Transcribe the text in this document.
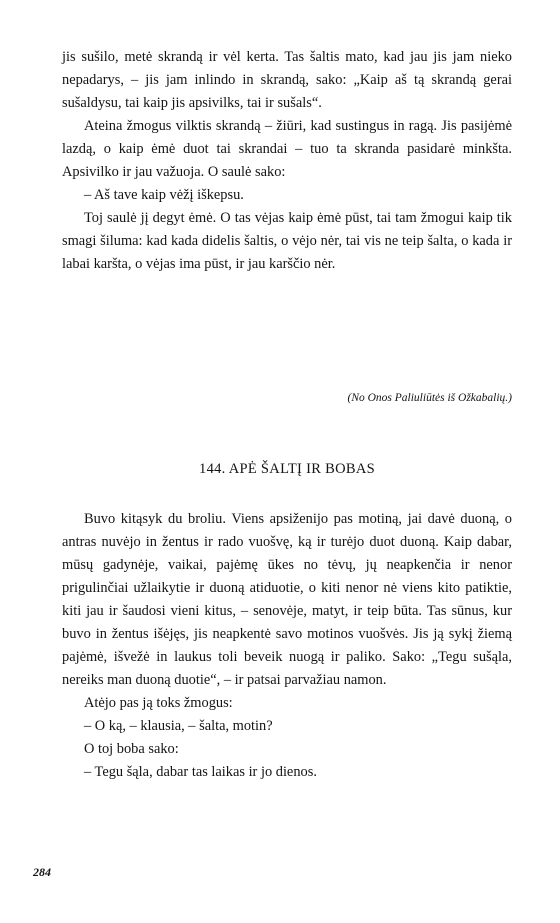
jis sušilo, metė skrandą ir vėl kerta. Tas šaltis mato, kad jau jis jam nieko nepadarys, – jis jam inlindo in skrandą, sako: „Kaip aš tą skrandą gerai sušaldysu, tai kaip jis apsivilks, tai ir sušals“.

Ateina žmogus vilktis skrandą – žiūri, kad sustingus in ragą. Jis pasijėmė lazdą, o kaip ėmė duot tai skrandai – tuo ta skranda pasidarė minkšta. Apsivilko ir jau važuoja. O saulė sako:

– Aš tave kaip vėžį iškepsu.

Toj saulė jį degyt ėmė. O tas vėjas kaip ėmė pūst, tai tam žmogui kaip tik smagi šiluma: kad kada didelis šaltis, o vėjo nėr, tai vis ne teip šalta, o kada ir labai karšta, o vėjas ima pūst, ir jau karščio nėr.

(No Onos Paliuliūtės iš Ožkabalių.)
144. APĖ ŠALTĮ IR BOBAS

Buvo kitąsyk du broliu. Viens apsiženijo pas motiną, jai davė duoną, o antras nuvėjo in žentus ir rado vuošvę, ką ir turėjo duot duoną. Kaip dabar, mūsų gadynėje, vaikai, pajėmę ūkes no tėvų, jų neapkenčia ir nenor prigulinčiai užlaikytie ir duoną atiduotie, o kiti nenor nė viens kito patiktie, kiti jau ir šaudosi vieni kitus, – senovėje, matyt, ir teip būta. Tas sūnus, kur buvo in žentus išėjęs, jis neapkentė savo motinos vuošvės. Jis ją sykį žiemą pajėmė, išvežė in laukus toli beveik nuogą ir paliko. Sako: „Tegu sušąla, nereiks man duoną duotie“, – ir patsai parvažiau namon.

Atėjo pas ją toks žmogus:

– O ką, – klausia, – šalta, motin?

O toj boba sako:

– Tegu šąla, dabar tas laikas ir jo dienos.

284
